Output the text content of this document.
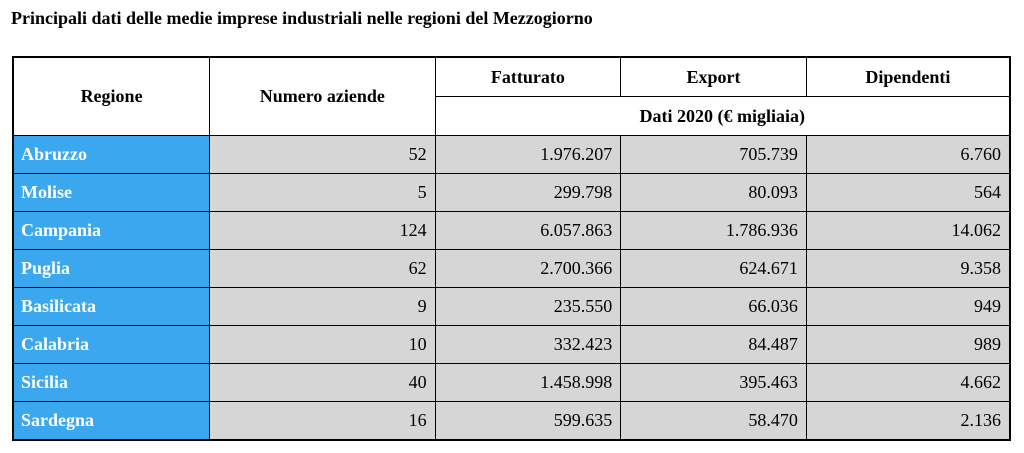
Principali dati delle medie imprese industriali nelle regioni del Mezzogiorno
Regione	Numero aziende	Fatturato	Export	Dipendenti
		Dati 2020 (€ migliaia)		
Abruzzo	52	1.976.207	705.739	6.760
Molise	5	299.798	80.093	564
Campania	124	6.057.863	1.786.936	14.062
Puglia	62	2.700.366	624.671	9.358
Basilicata	9	235.550	66.036	949
Calabria	10	332.423	84.487	989
Sicilia	40	1.458.998	395.463	4.662
Sardegna	16	599.635	58.470	2.136
